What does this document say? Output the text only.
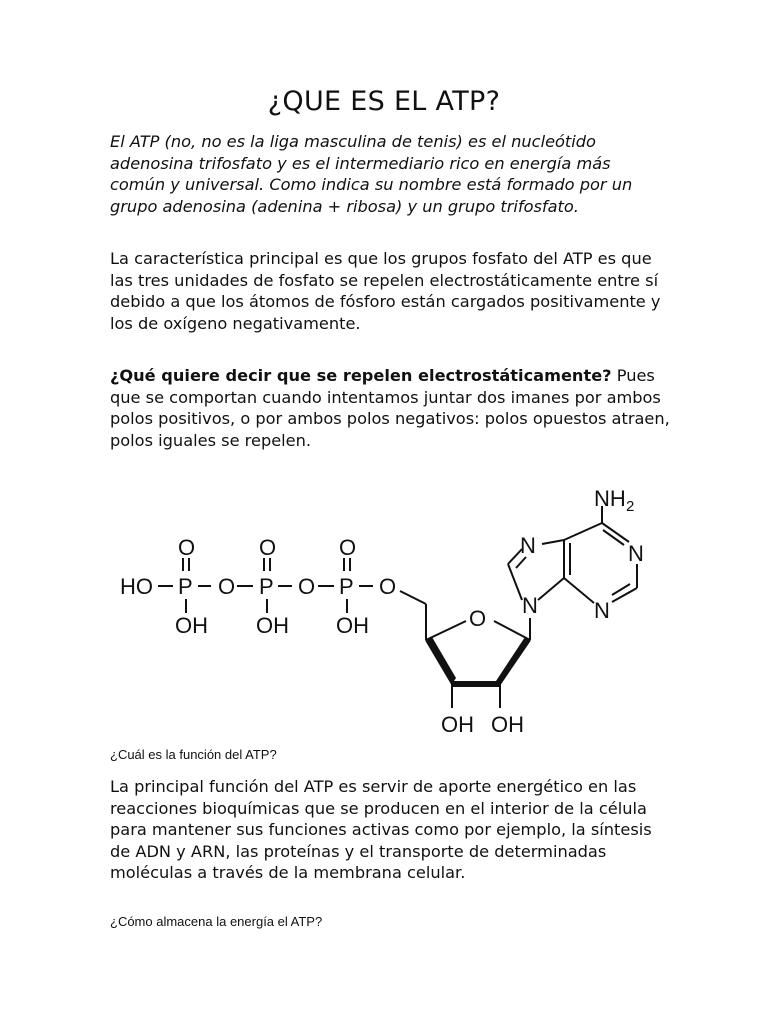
¿QUE ES EL ATP?

El ATP (no, no es la liga masculina de tenis) es el nucleótido adenosina trifosfato y es el intermediario rico en energía más común y universal. Como indica su nombre está formado por un grupo adenosina (adenina + ribosa) y un grupo trifosfato.

La característica principal es que los grupos fosfato del ATP es que las tres unidades de fosfato se repelen electrostáticamente entre sí debido a que los átomos de fósforo están cargados positivamente y los de oxígeno negativamente.

¿Qué quiere decir que se repelen electrostáticamente? Pues que se comportan cuando intentamos juntar dos imanes por ambos polos positivos, o por ambos polos negativos: polos opuestos atraen, polos iguales se repelen.

HO P O P O P O
O	O	O
OH OH OH	O
OH OH
N
N	N
N
NH 2

¿Cuál es la función del ATP?

La principal función del ATP es servir de aporte energético en las reacciones bioquímicas que se producen en el interior de la célula para mantener sus funciones activas como por ejemplo, la síntesis de ADN y ARN, las proteínas y el transporte de determinadas moléculas a través de la membrana celular.

¿Cómo almacena la energía el ATP?
